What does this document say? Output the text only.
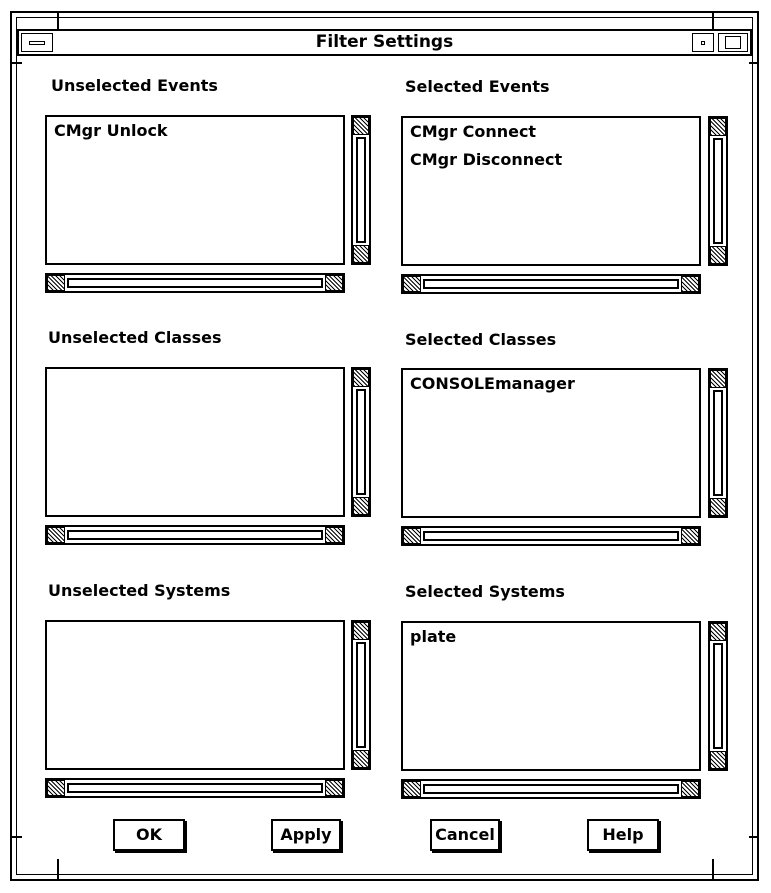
Filter Settings
Unselected Events	Selected Events
CMgr Unlock	CMgr Connect
CMgr Disconnect
Unselected Classes	Selected Classes
CONSOLEmanager
Unselected Systems	Selected Systems
plate
OK	Apply	Cancel	Help
